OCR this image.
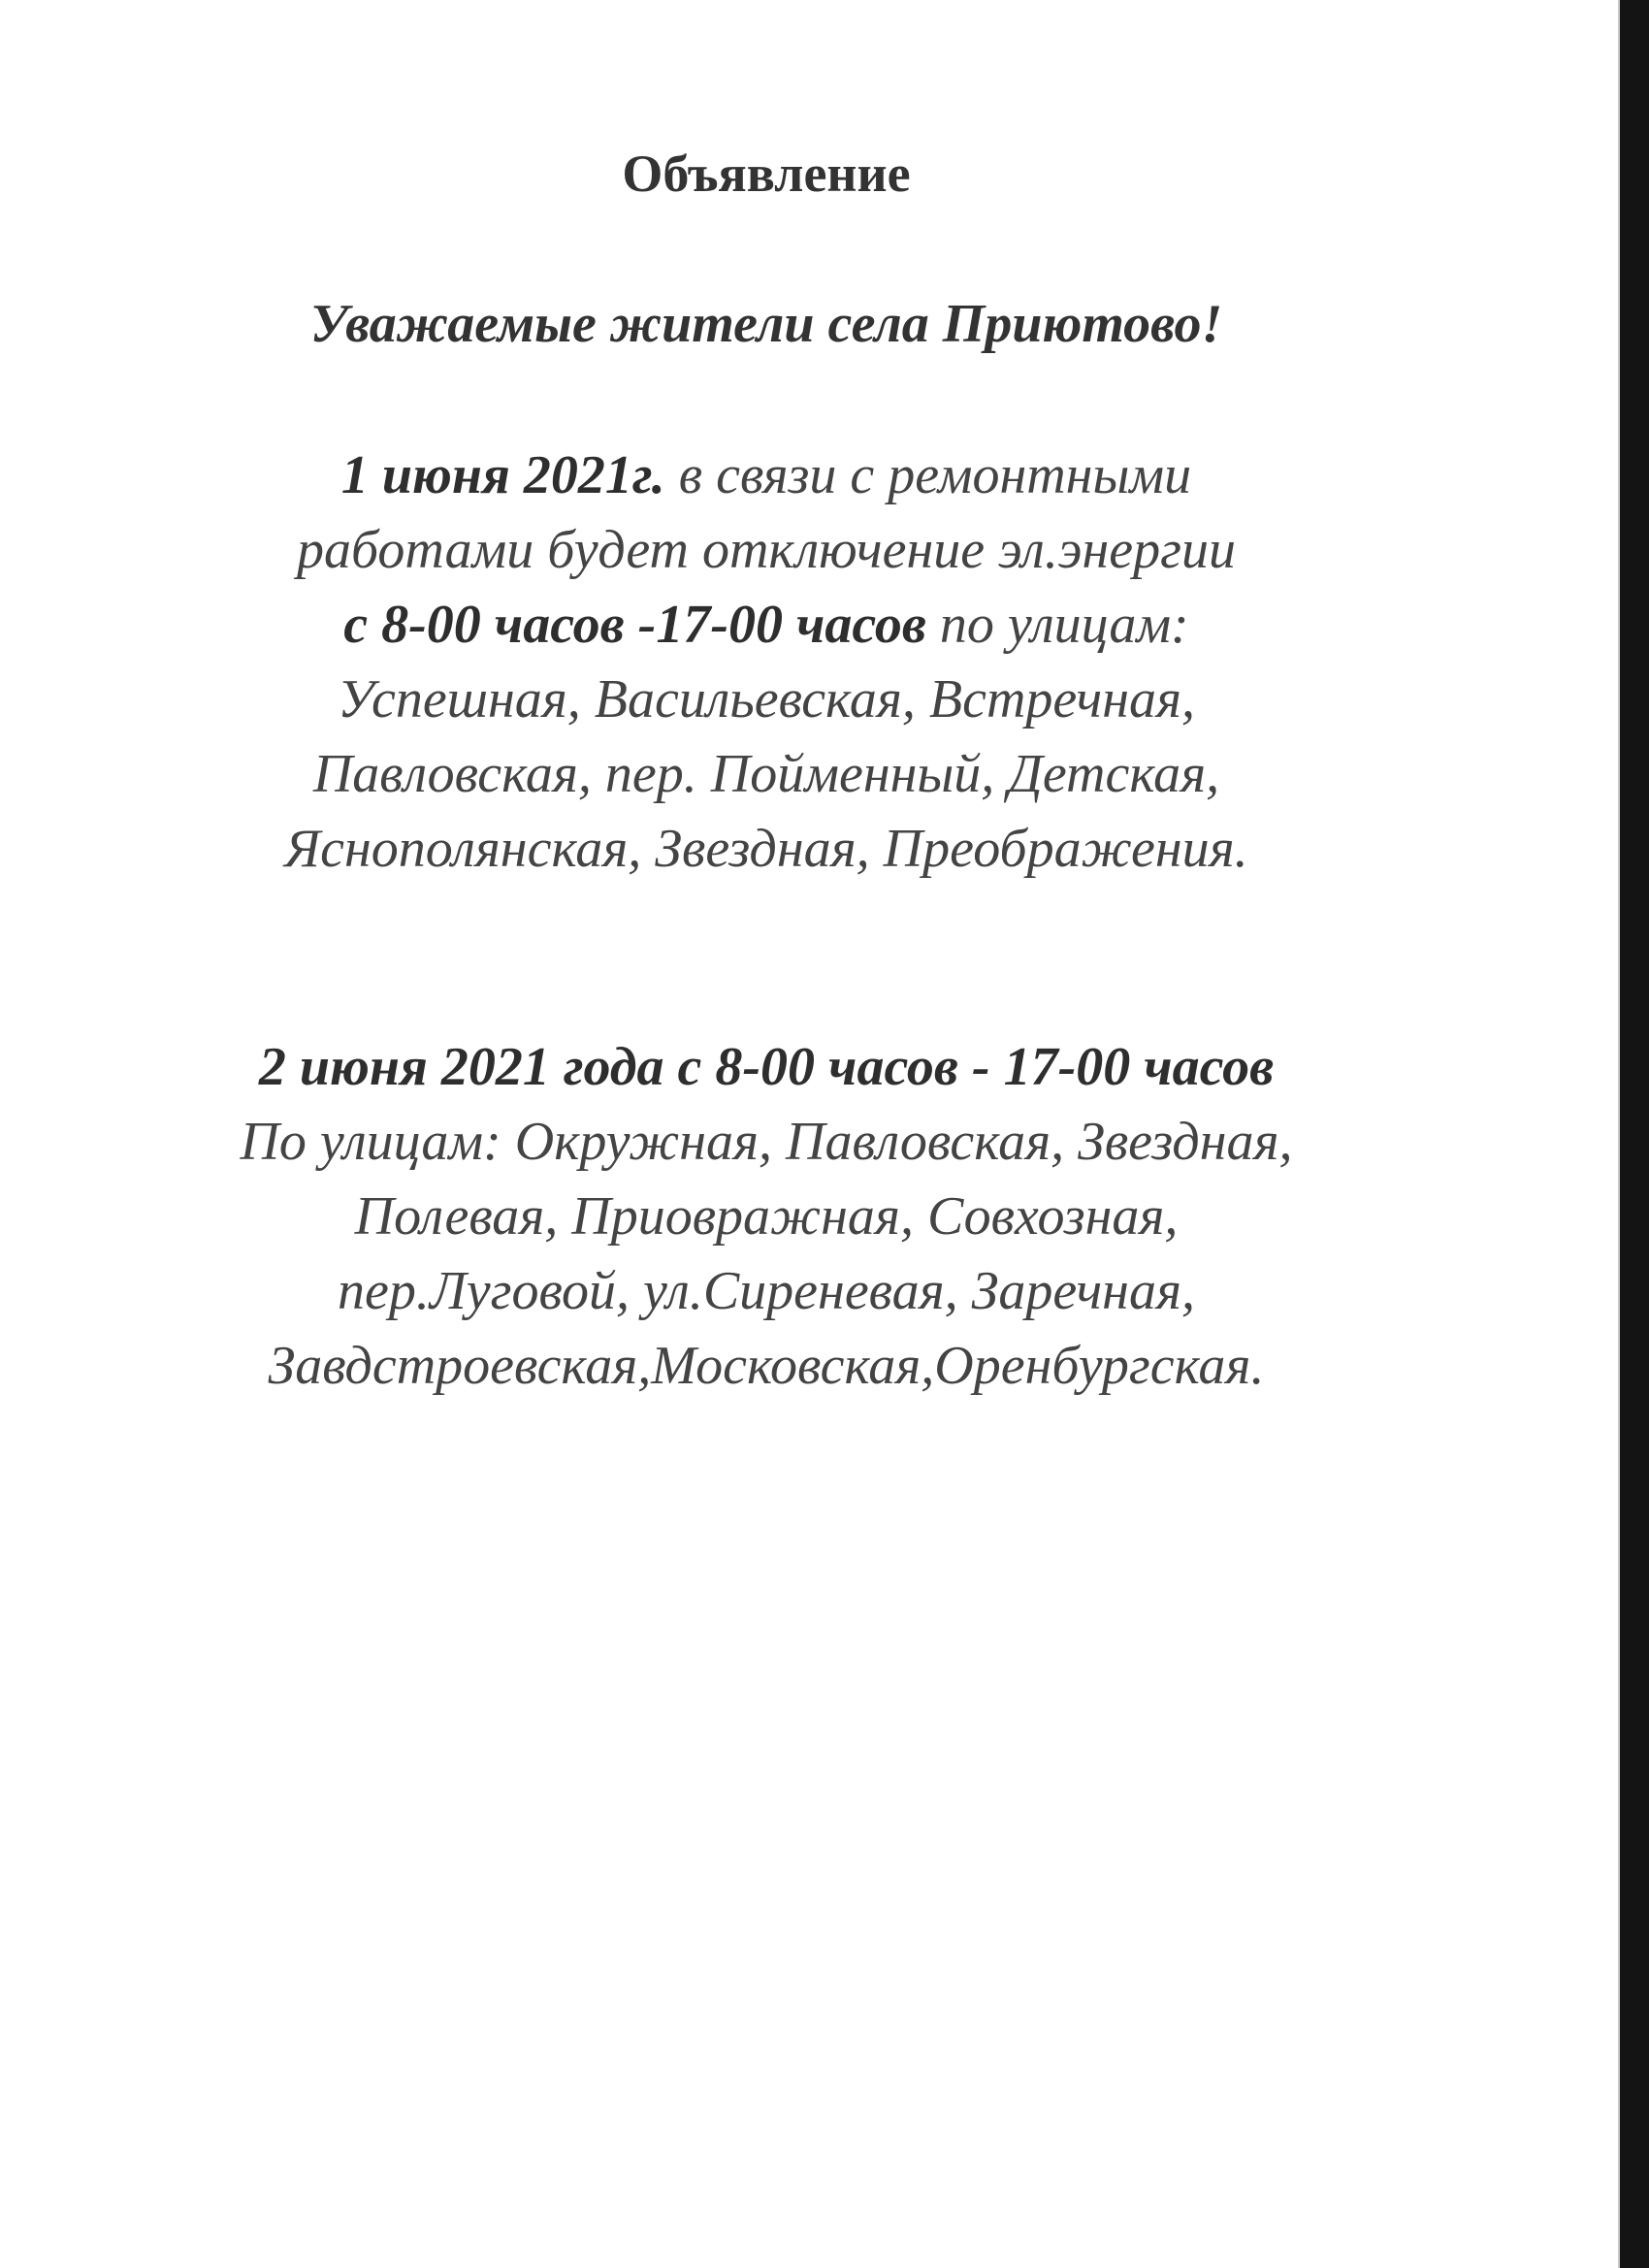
Объявление
Уважаемые жители села Приютово!
1 июня 2021г. в связи с ремонтными
работами будет отключение эл.энергии
с 8-00 часов -17-00 часов по улицам:
Успешная, Васильевская, Встречная,
Павловская, пер. Пойменный, Детская,
Яснополянская, Звездная, Преображения.
2 июня 2021 года с 8-00 часов - 17-00 часов
По улицам: Окружная, Павловская, Звездная,
Полевая, Приовражная, Совхозная,
пер.Луговой, ул.Сиреневая, Заречная,
Завдстроевская,Московская,Оренбургская.
